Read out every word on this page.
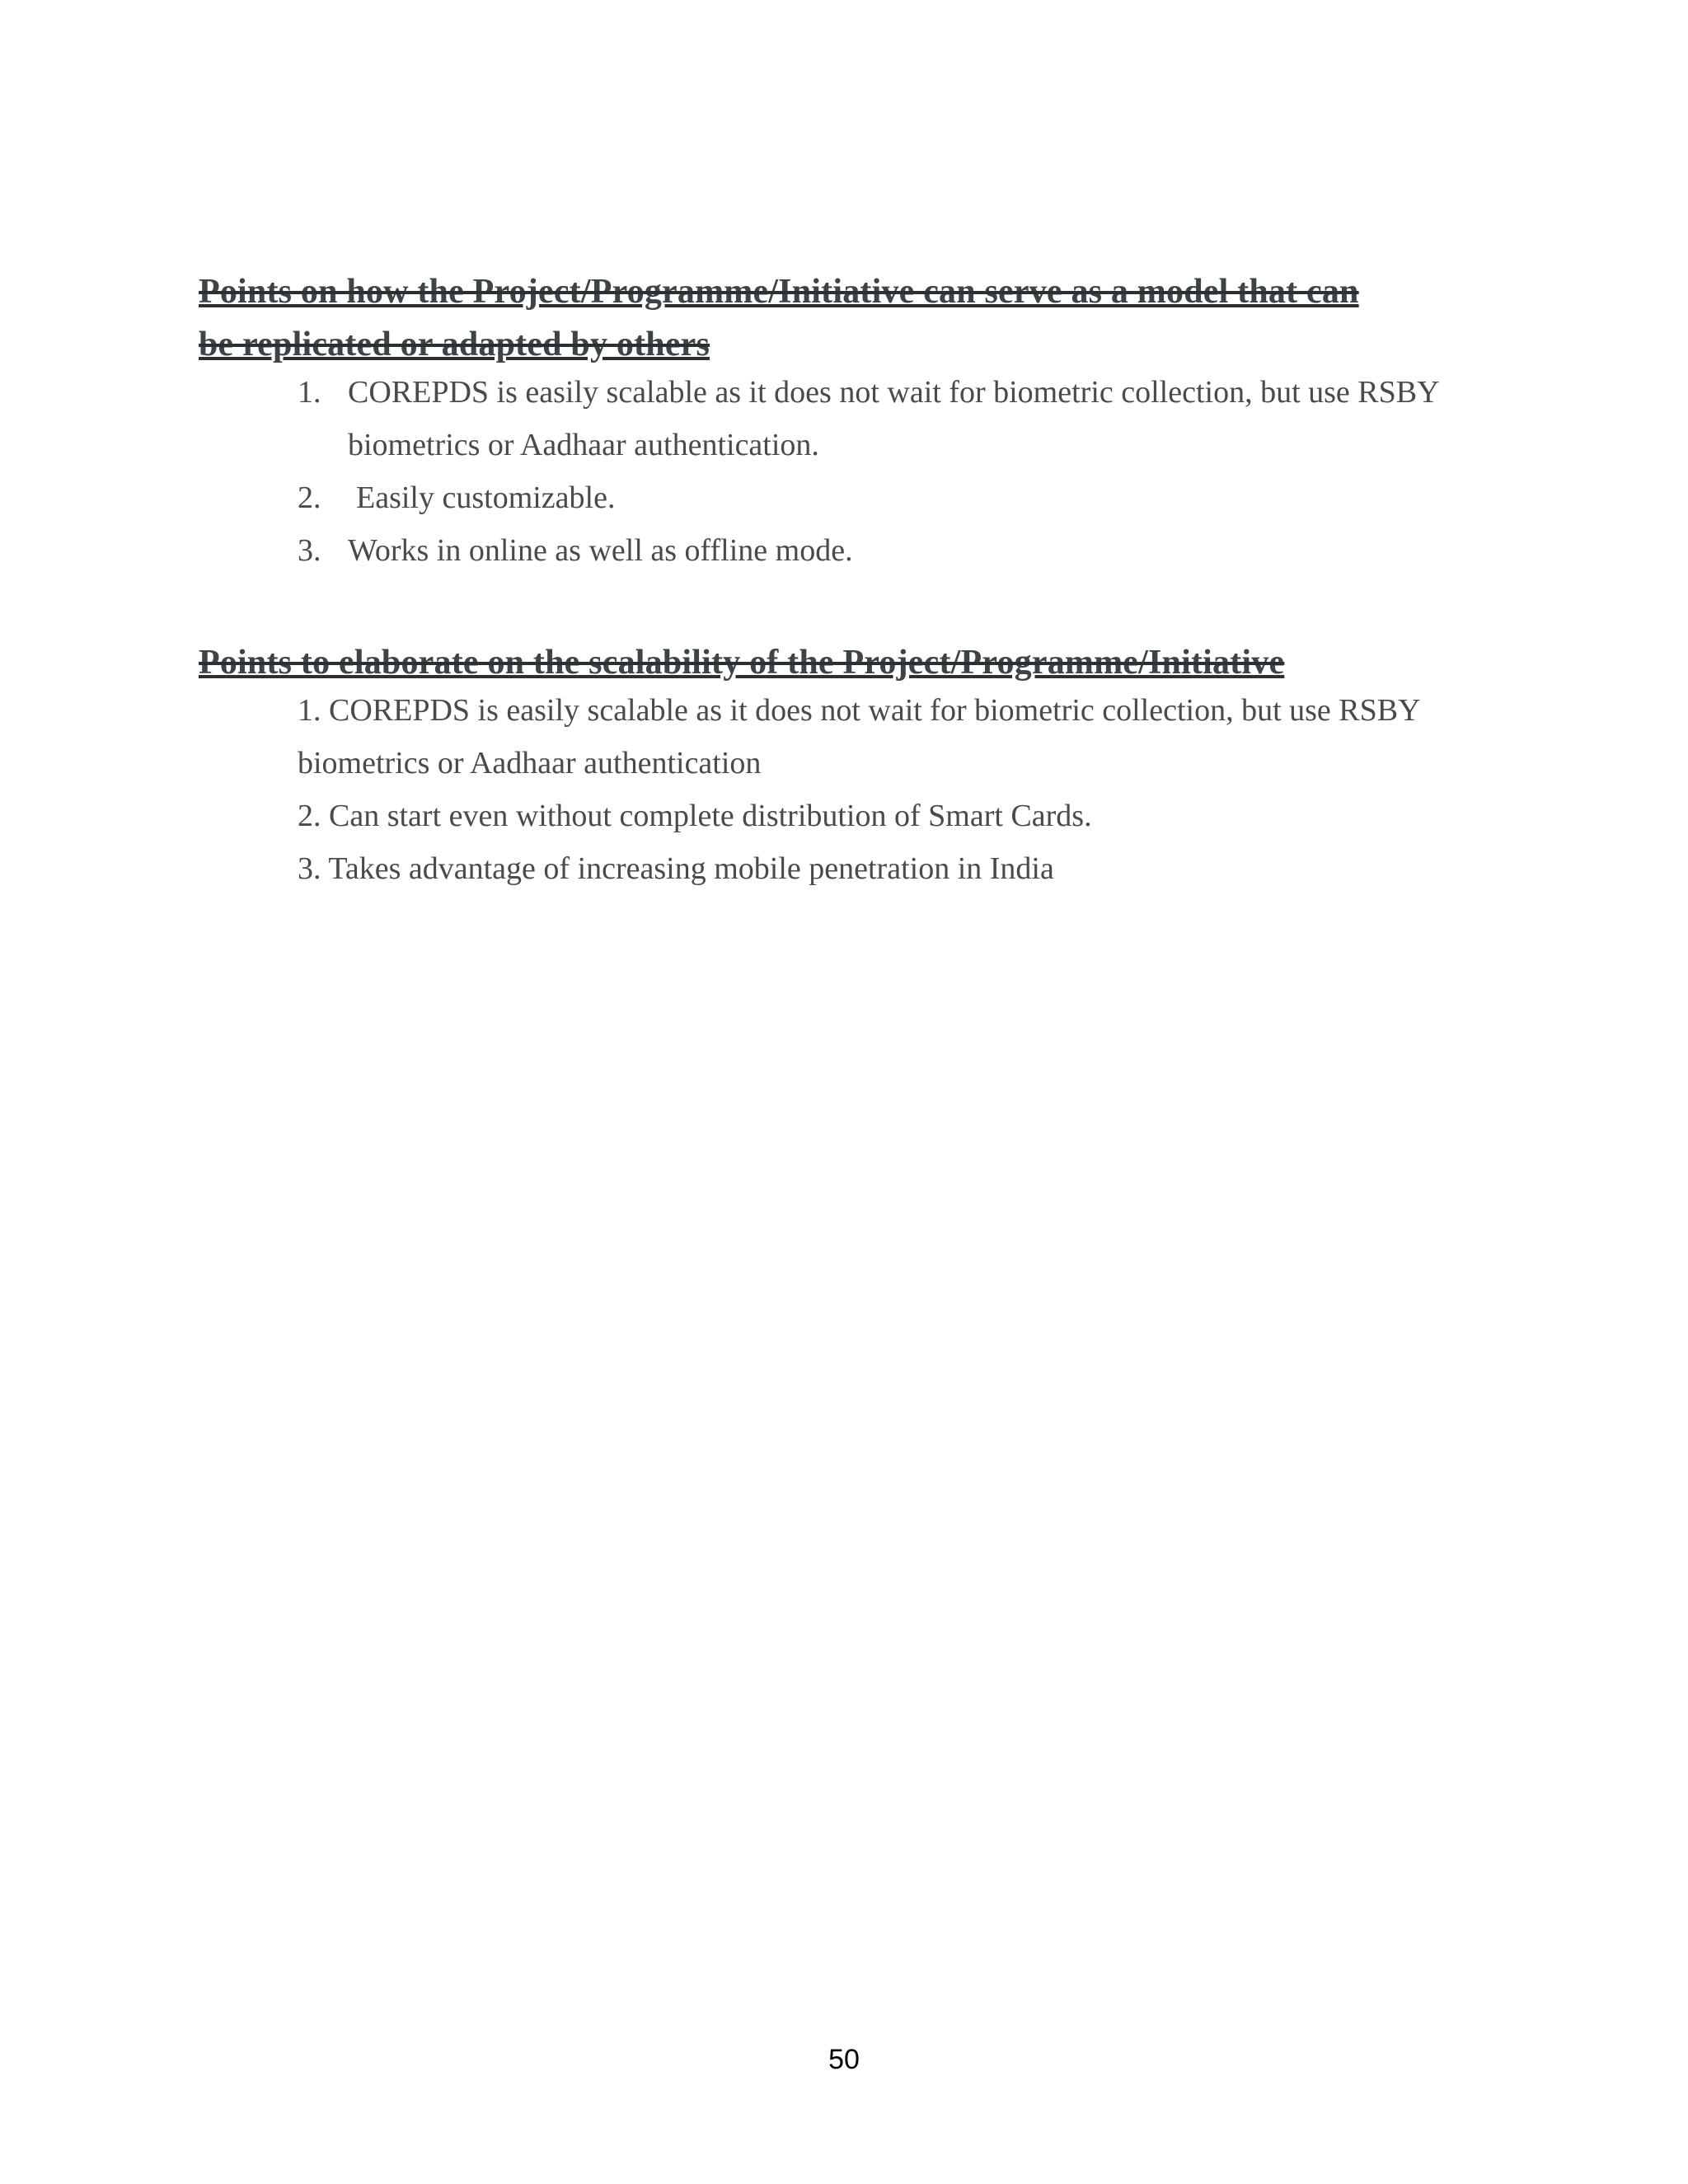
Points on how the Project/Programme/Initiative can serve as a model that can
be replicated or adapted by others
1. COREPDS is easily scalable as it does not wait for biometric collection, but use RSBY biometrics or Aadhaar authentication.
2. Easily customizable.
3. Works in online as well as offline mode.
Points to elaborate on the scalability of the Project/Programme/Initiative
1. COREPDS is easily scalable as it does not wait for biometric collection, but use RSBY biometrics or Aadhaar authentication
2. Can start even without complete distribution of Smart Cards.
3. Takes advantage of increasing mobile penetration in India
50
